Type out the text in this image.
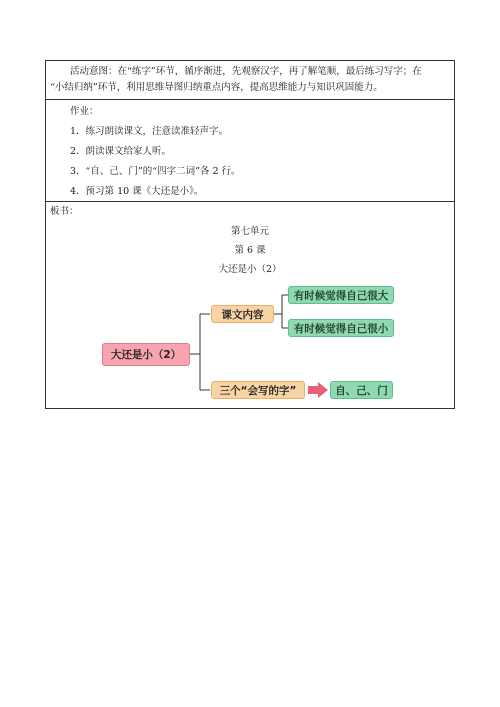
活动意图：在“练字”环节，循序渐进，先观察汉字，再了解笔顺，最后练习写字；在
“小结归纳”环节，利用思维导图归纳重点内容，提高思维能力与知识巩固能力。
作业：
1．练习朗读课文，注意读准轻声字。
2．朗读课文给家人听。
3．“自、己、门”的“四字二词”各 2 行。
4．预习第 10 课《大还是小》。
板书：
第七单元
第 6 课
大还是小（2）
大还是小（2）
课文内容
有时候觉得自己很大
有时候觉得自己很小
三个“会写的字”	自、己、门
